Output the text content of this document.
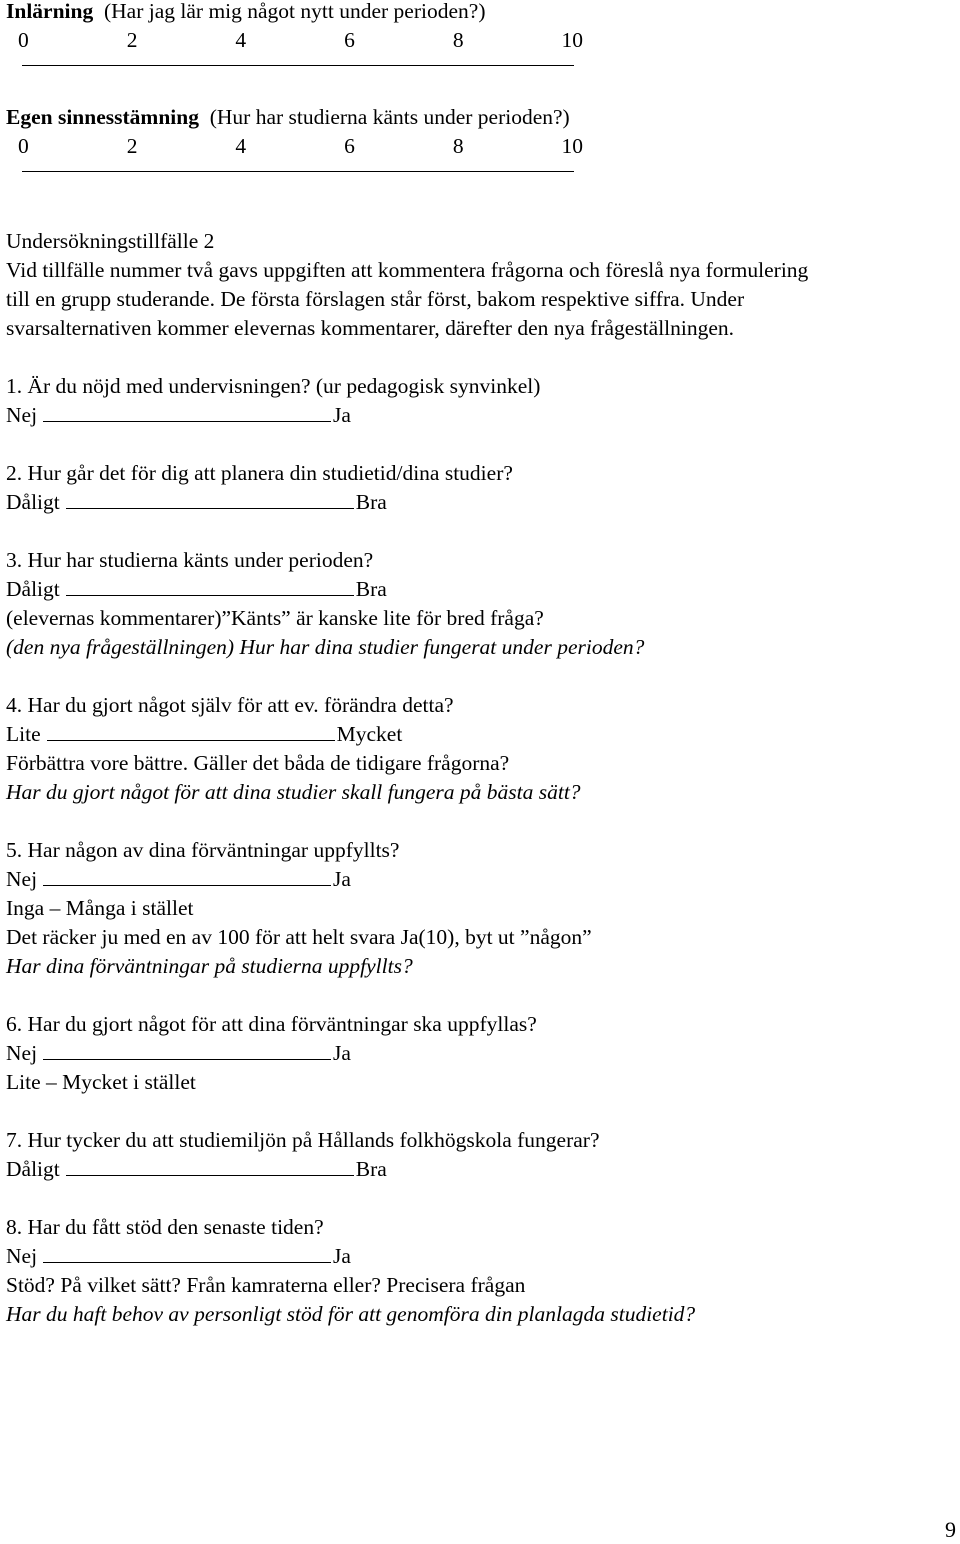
Inlärning  (Har jag lär mig något nytt under perioden?)
0	2	4	6	8	10
Egen sinnesstämning  (Hur har studierna känts under perioden?)
0	2	4	6	8	10
Undersökningstillfälle 2
Vid tillfälle nummer två gavs uppgiften att kommentera frågorna och föreslå nya formulering
till en grupp studerande. De första förslagen står först, bakom respektive siffra. Under
svarsalternativen kommer elevernas kommentarer, därefter den nya frågeställningen.
1. Är du nöjd med undervisningen? (ur pedagogisk synvinkel)
Nej	Ja
2. Hur går det för dig att planera din studietid/dina studier?
Dåligt	Bra
3. Hur har studierna känts under perioden?
Dåligt	Bra
(elevernas kommentarer)”Känts” är kanske lite för bred fråga?
(den nya frågeställningen) Hur har dina studier fungerat under perioden?
4. Har du gjort något själv för att ev. förändra detta?
Lite	Mycket
Förbättra vore bättre. Gäller det båda de tidigare frågorna?
Har du gjort något för att dina studier skall fungera på bästa sätt?
5. Har någon av dina förväntningar uppfyllts?
Nej	Ja
Inga – Många i stället
Det räcker ju med en av 100 för att helt svara Ja(10), byt ut ”någon”
Har dina förväntningar på studierna uppfyllts?
6. Har du gjort något för att dina förväntningar ska uppfyllas?
Nej	Ja
Lite – Mycket i stället
7. Hur tycker du att studiemiljön på Hållands folkhögskola fungerar?
Dåligt	Bra
8. Har du fått stöd den senaste tiden?
Nej	Ja
Stöd? På vilket sätt? Från kamraterna eller? Precisera frågan
Har du haft behov av personligt stöd för att genomföra din planlagda studietid?
9
